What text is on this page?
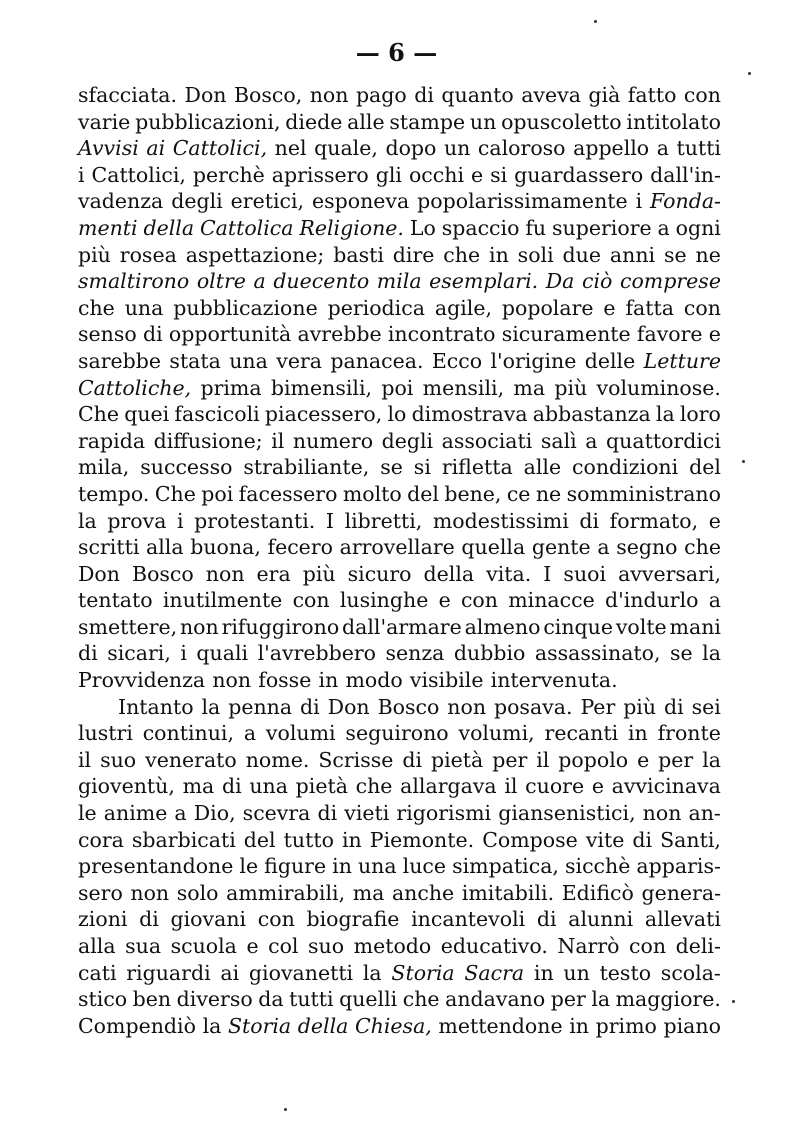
— 6 —
sfacciata. Don Bosco, non pago di quanto aveva già fatto con
varie pubblicazioni, diede alle stampe un opuscoletto intitolato
Avvisi ai Cattolici, nel quale, dopo un caloroso appello a tutti
i Cattolici, perchè aprissero gli occhi e si guardassero dall'in-
vadenza degli eretici, esponeva popolarissimamente i Fonda-
menti della Cattolica Religione. Lo spaccio fu superiore a ogni
più rosea aspettazione; basti dire che in soli due anni se ne
smaltirono oltre a duecento mila esemplari. Da ciò comprese
che una pubblicazione periodica agile, popolare e fatta con
senso di opportunità avrebbe incontrato sicuramente favore e
sarebbe stata una vera panacea. Ecco l'origine delle Letture
Cattoliche, prima bimensili, poi mensili, ma più voluminose.
Che quei fascicoli piacessero, lo dimostrava abbastanza la loro
rapida diffusione; il numero degli associati salì a quattordici
mila, successo strabiliante, se si rifletta alle condizioni del
tempo. Che poi facessero molto del bene, ce ne somministrano
la prova i protestanti. I libretti, modestissimi di formato, e
scritti alla buona, fecero arrovellare quella gente a segno che
Don Bosco non era più sicuro della vita. I suoi avversari,
tentato inutilmente con lusinghe e con minacce d'indurlo a
smettere, non rifuggirono dall'armare almeno cinque volte mani
di sicari, i quali l'avrebbero senza dubbio assassinato, se la
Provvidenza non fosse in modo visibile intervenuta.
Intanto la penna di Don Bosco non posava. Per più di sei
lustri continui, a volumi seguirono volumi, recanti in fronte
il suo venerato nome. Scrisse di pietà per il popolo e per la
gioventù, ma di una pietà che allargava il cuore e avvicinava
le anime a Dio, scevra di vieti rigorismi giansenistici, non an-
cora sbarbicati del tutto in Piemonte. Compose vite di Santi,
presentandone le figure in una luce simpatica, sicchè apparis-
sero non solo ammirabili, ma anche imitabili. Edificò genera-
zioni di giovani con biografie incantevoli di alunni allevati
alla sua scuola e col suo metodo educativo. Narrò con deli-
cati riguardi ai giovanetti la Storia Sacra in un testo scola-
stico ben diverso da tutti quelli che andavano per la maggiore.
Compendiò la Storia della Chiesa, mettendone in primo piano
